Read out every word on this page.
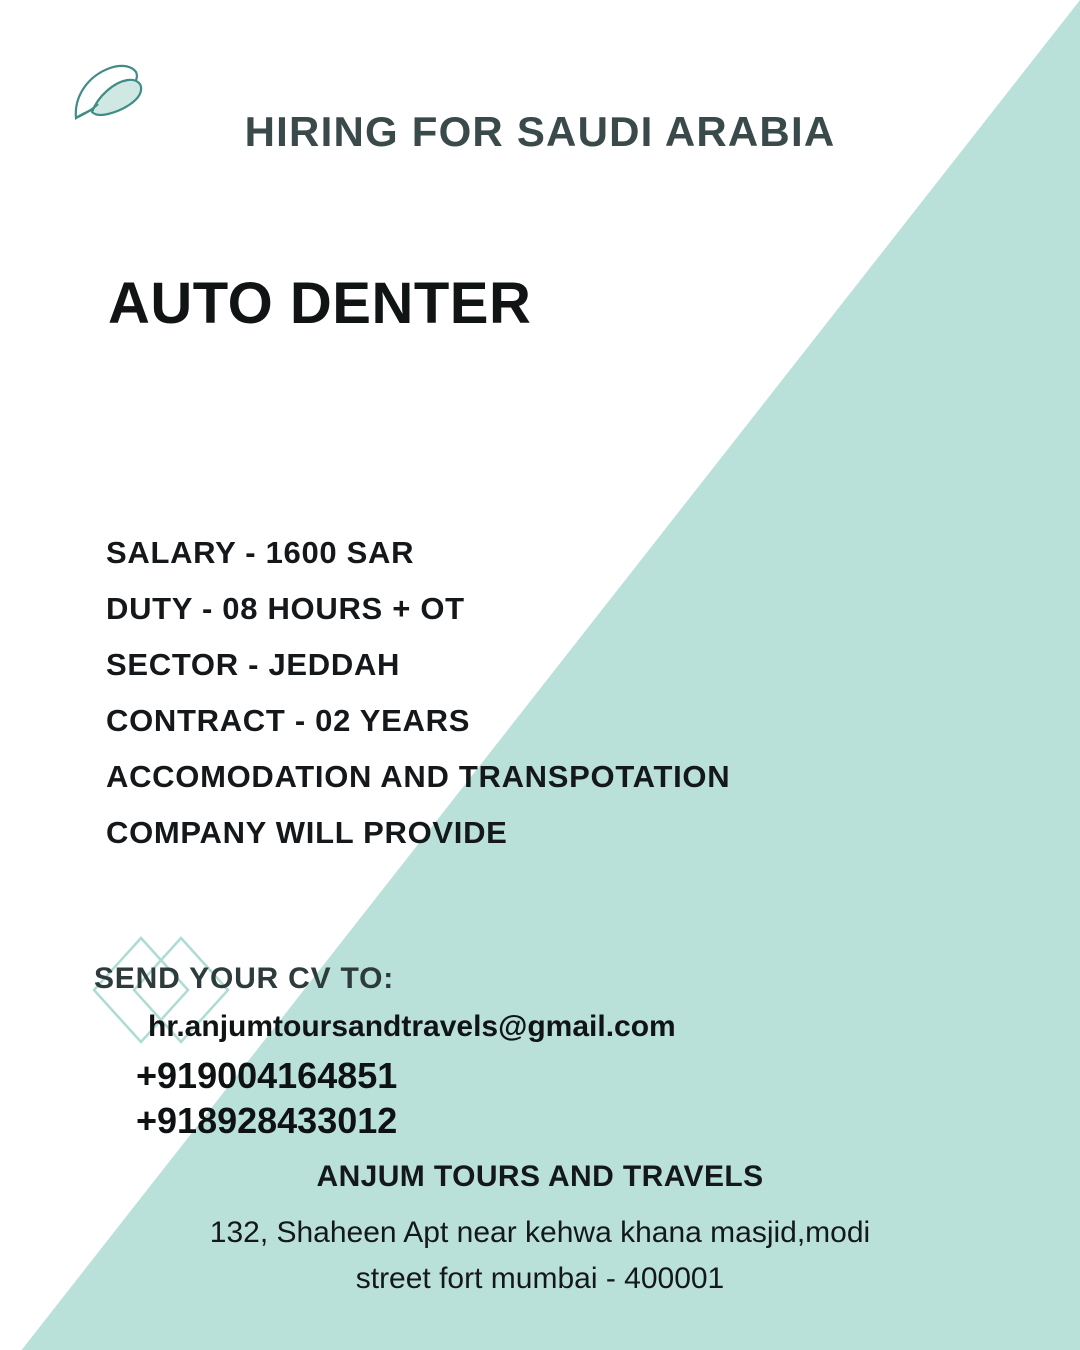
HIRING FOR SAUDI ARABIA
AUTO DENTER
SALARY - 1600 SAR
DUTY - 08 HOURS + OT
SECTOR - JEDDAH
CONTRACT - 02 YEARS
ACCOMODATION AND TRANSPOTATION
COMPANY WILL PROVIDE
SEND YOUR CV TO:
hr.anjumtoursandtravels@gmail.com
+919004164851
+918928433012
ANJUM TOURS AND TRAVELS
132, Shaheen Apt near kehwa khana masjid,modi
street fort mumbai - 400001
